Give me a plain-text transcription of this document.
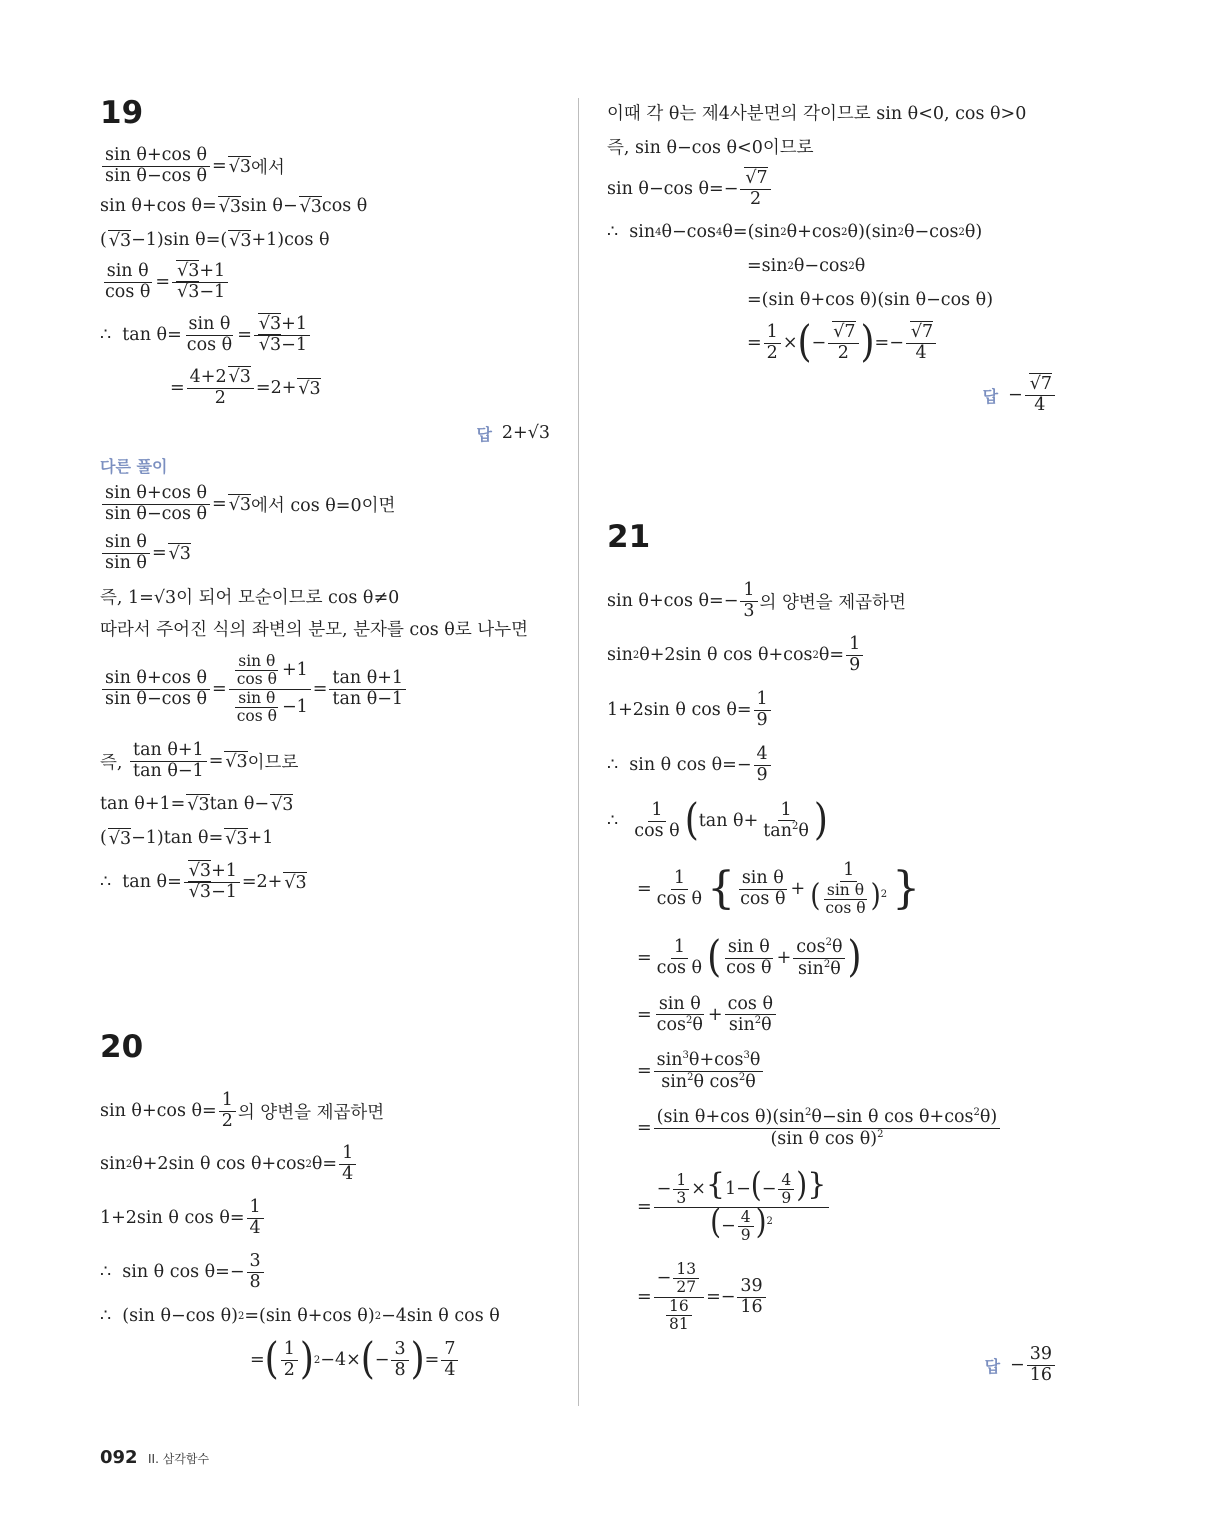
19
$\frac{\text{sin θ+cos θ}}{\text{sin θ−cos θ}}$ = √ 3 에서
sin θ+cos θ= √ 3 sin θ− √ 3 cos θ
( √ 3 −1)sin θ=( √ 3 +1)cos θ
$\frac{\text{sin θ}}{\text{cos θ}}$ = √ 3+1
√ 3−1
∴  $\tan \theta= \frac{\text{sin θ}}{\text{cos θ}}$ = √ 3+1
√ 3−1
= $\frac{4+2 √ 3}{2} =2+$ √ 3
답 2+√3
다른 풀이
$\frac{\text{sin θ+cos θ}}{\text{sin θ−cos θ}}$ = √ 3 에서 cos θ=0이면
$\frac{\text{sin θ}}{\text{sin θ}}$ = √ 3
즉, 1=√3이 되어 모순이므로 cos θ≠0
따라서 주어진 식의 좌변의 분모, 분자를 cos θ로 나누면
$\frac{\text{sin θ+cos θ}}{\text{sin θ−cos θ}} = \frac{\frac{\text{sin θ}}{\text{cos θ}} +1}{\frac{\text{sin θ}}{\text{cos θ}} -1} = \frac{\text{tan θ+1}}{\text{tan θ−1}}$
즉,
$\frac{\text{tan θ+1}}{\text{tan θ−1}}$ = √ 3 이므로
tan θ+1= √ 3 tan θ− √ 3
( √ 3 −1)tan θ= √ 3 +1
∴  tan θ= √ 3+1
√ 3−1 =2+ √ 3
20
sin θ+cos $\theta= \frac{1}{2}$ 의 양변을 제곱하면
sin 2 θ+2sin θ cos θ+cos 2 $\theta= \frac{1}{4}$
1+2sin θ $\cos \theta= \frac{1}{4}$
∴  sin θ $\cos \theta=- \frac{3}{8}$
∴  (sin θ−cos θ) 2 =(sin θ+cos θ) 2 −4sin θ cos θ
= ( $\frac{1}{2}$ ) 2 −4× ( − $\frac{3}{8}$ ) = $\frac{7}{4}$
이때 각 θ는 제4사분면의 각이므로 sin θ<0, cos θ>0
즉, sin θ−cos θ<0이므로
sin θ−cos θ=− √ $\frac{7}{2}$
∴  sin 4 θ−cos 4 θ=(sin 2 θ+cos 2 θ)(sin 2 θ−cos 2 θ)
=sin 2 θ−cos 2 θ
=(sin θ+cos θ)(sin θ−cos θ)
= $\frac{1}{2}$ × ( − √ $\frac{7}{2}$ ) =− √ $\frac{7}{4}$
답 − √ $\frac{7}{4}$
21
sin θ+cos $\theta=- \frac{1}{3}$ 의 양변을 제곱하면
sin 2 θ+2sin θ cos θ+cos 2 $\theta= \frac{1}{9}$
1+2sin θ $\cos \theta= \frac{1}{9}$
∴  sin θ $\cos \theta=- \frac{4}{9}$
∴ $\frac{1}{\text{cos θ}}$ ( $\tan \theta+ \frac{1}{\tan^2\theta}$ )
= $\frac{1}{\text{cos θ}}$ { $\frac{\text{sin θ}}{\text{cos θ}} + \frac{1}{( \frac{\text{sin θ}}{\text{cos θ}} )^2}$ }
= $\frac{1}{\text{cos θ}}$ ( $\frac{\text{sin θ}}{\text{cos θ}} + \frac{\cos^2\theta}{\sin^2\theta}$ )
= $\frac{\text{sin θ}}{\cos^2\theta} + \frac{\text{cos θ}}{\sin^2\theta}$
= $\frac{\sin^3\theta+\cos^3\theta}{\sin^2\theta \cos^2\theta}$
= $\frac{(\sin \theta+\cos \theta)(\sin^2\theta-\sin \theta \cos \theta+\cos^2\theta)}{(\sin \theta \cos \theta)^2}$
= $\frac{- \frac{1}{3} \times\{1-(- \frac{4}{9} )\}}{(- \frac{4}{9} )^2}$
= $\frac{- \frac{13}{27}}{\frac{16}{81}} =- \frac{39}{16}$
답 − $\frac{39}{16}$
092 II. 삼각함수
